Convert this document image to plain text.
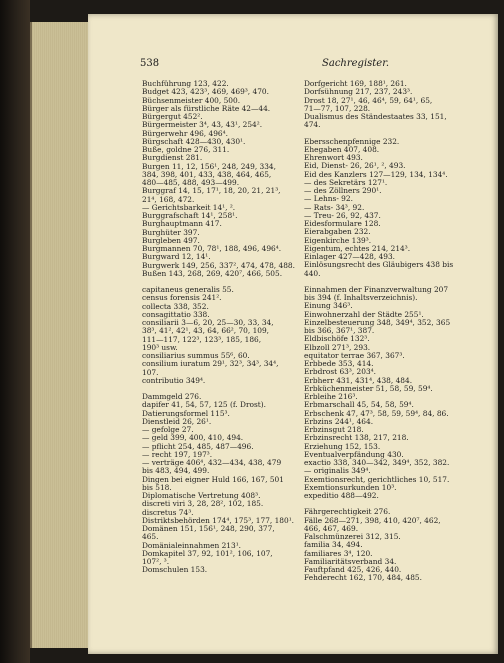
538	Sachregister.
Buchführung 123, 422.
Budget 423, 423³, 469, 469³, 470.
Büchsenmeister 400, 500.
Bürger als fürstliche Räte 42—44.
Bürgergut 452².
Bürgermeister 3⁴, 43, 43¹, 254².
Bürgerwehr 496, 496⁴.
Bürgschaft 428—430, 430¹.
Buße, goldne 276, 311.
Burgdienst 281.
Burgen 11, 12, 156¹, 248, 249, 334,
384, 398, 401, 433, 438, 464, 465,
480—485, 488, 493—499.
Burggraf 14, 15, 17¹, 18, 20, 21, 21³,
21⁴, 168, 472.
— Gerichtsbarkeit 14¹, ².
Burggrafschaft 14¹, 258¹.
Burghauptmann 417.
Burghüter 397.
Burgleben 497.
Burgmannen 70, 78¹, 188, 496, 496⁴.
Burgward 12, 14¹.
Burgwerk 149, 256, 337², 474, 478, 488.
Bußen 143, 268, 269, 420⁷, 466, 505.
capitaneus generalis 55.
census forensis 241².
collecta 338, 352.
consagittatio 338.
consiliarii 3—6, 20, 25—30, 33, 34,
38³, 41², 42¹, 43, 64, 66², 70, 109,
111—117, 122³, 123³, 185, 186,
190³ usw.
consiliarius summus 55⁶, 60.
consilium iuratum 29¹, 32³, 34³, 34⁴,
107.
contributio 349⁴.
Dammgeld 276.
dapifer 41, 54, 57, 125 (f. Drost).
Datierungsformel 115³.
Dienstleid 26, 26¹.
— gefolge 27.
— geld 399, 400, 410, 494.
— pflicht 254, 485, 487—496.
— recht 197, 197³.
— verträge 406⁴, 432—434, 438, 479
bis 483, 494, 499.
Dingen bei eigner Huld 166, 167, 501
bis 518.
Diplomatische Vertretung 408³.
discreti viri 3, 28, 28², 102, 185.
discretus 74³.
Distriktsbehörden 174⁴, 175³, 177, 180¹.
Domänen 151, 156¹, 248, 290, 377,
465.
Domänialeinnahmen 213¹.
Domkapitel 37, 92, 101², 106, 107,
107², ³.
Domschulen 153.
Dorfgericht 169, 188¹, 261.
Dorfsühnung 217, 237, 243³.
Drost 18, 27¹, 46, 46⁴, 59, 64¹, 65,
71—77, 107, 228.
Dualismus des Ständestaates 33, 151,
474.
Ebersschenpfennige 232.
Ehegaben 407, 408.
Ehrenwort 493.
Eid, Dienst- 26, 26¹, ², 493.
Eid des Kanzlers 127—129, 134, 134⁴.
— des Sekretärs 127¹.
— des Zöllners 290¹.
— Lehns- 92.
— Rats- 34³, 92.
— Treu- 26, 92, 437.
Eidesformulare 128.
Eierabgaben 232.
Eigenkirche 139³.
Eigentum, echtes 214, 214³.
Einlager 427—428, 493.
Einlösungsrecht des Gläubigers 438 bis
440.
Einnahmen der Finanzverwaltung 207
bis 394 (f. Inhaltsverzeichnis).
Einung 346³.
Einwohnerzahl der Städte 255¹.
Einzelbesteuerung 348, 349⁴, 352, 365
bis 366, 367¹, 387.
Eldbischöfe 132³.
Elbzoll 271³, 293.
equitator terrae 367, 367³.
Erbbede 353, 414.
Erbdrost 63³, 203⁴.
Erbherr 431, 431⁴, 438, 484.
Erbküchenmeister 51, 58, 59, 59⁴.
Erbleihe 216³.
Erbmarschall 45, 54, 58, 59⁴.
Erbschenk 47, 47³, 58, 59, 59⁴, 84, 86.
Erbzins 244¹, 464.
Erbzinsgut 218.
Erbzinsrecht 138, 217, 218.
Erziehung 152, 153.
Eventualverpfändung 430.
exactio 338, 340—342, 349⁴, 352, 382.
— originalis 349⁴.
Exemtionsrecht, gerichtliches 10, 517.
Exemtionsurkunden 10³.
expeditio 488—492.
Fährgerechtigkeit 276.
Fälle 268—271, 398, 410, 420⁷, 462,
466, 467, 469.
Falschmünzerei 312, 315.
familia 34, 494.
familiares 3⁴, 120.
Familiaritätsverband 34.
Fauftpfand 425, 426, 440.
Fehderecht 162, 170, 484, 485.
